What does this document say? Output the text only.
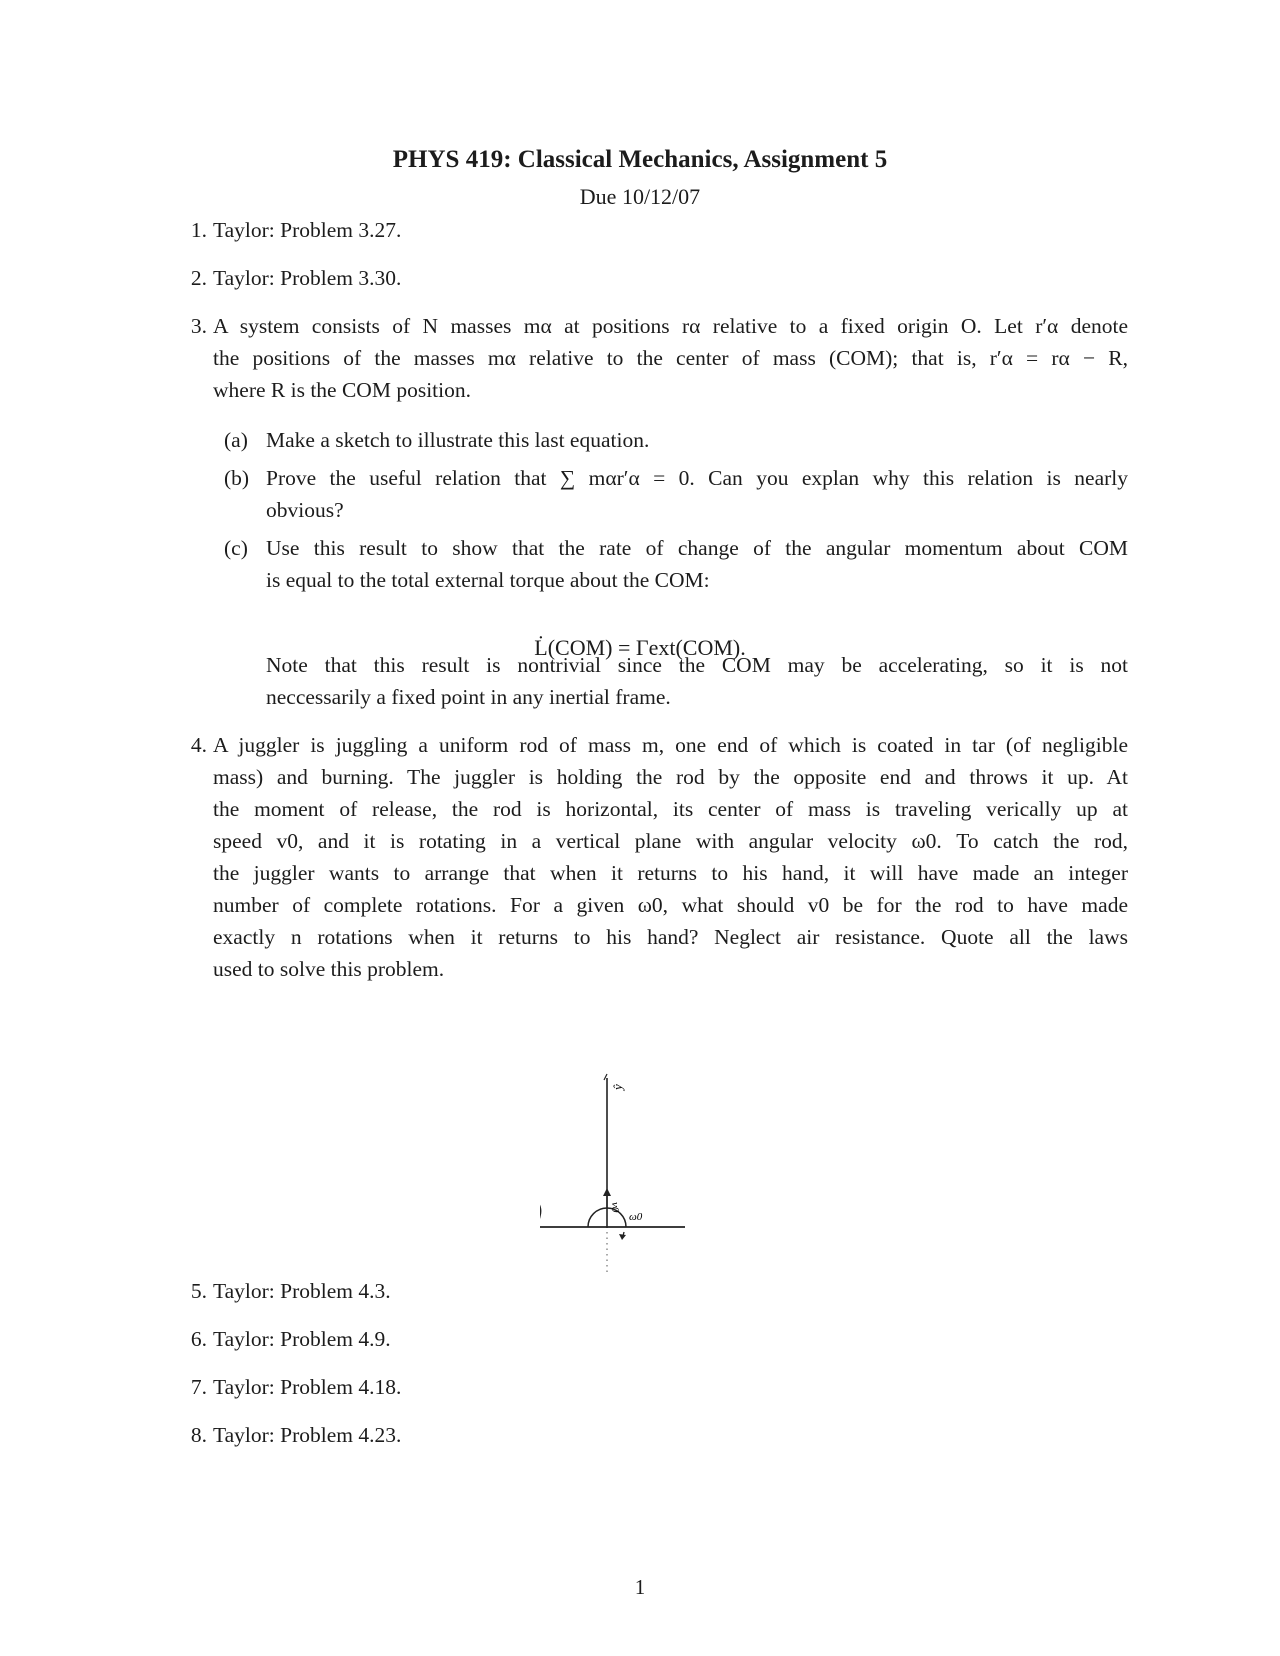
PHYS 419: Classical Mechanics, Assignment 5
Due 10/12/07
1. Taylor: Problem 3.27.
2. Taylor: Problem 3.30.
3. A system consists of N masses mα at positions rα relative to a fixed origin O. Let r′α denote
the positions of the masses mα relative to the center of mass (COM); that is, r′α = rα − R,
where R is the COM position.
(a) Make a sketch to illustrate this last equation.
(b) Prove the useful relation that ∑ mαr′α = 0. Can you explan why this relation is nearly
obvious?
(c) Use this result to show that the rate of change of the angular momentum about COM
is equal to the total external torque about the COM:
L̇(COM) = Γext(COM).
Note that this result is nontrivial since the COM may be accelerating, so it is not
neccessarily a fixed point in any inertial frame.
4. A juggler is juggling a uniform rod of mass m, one end of which is coated in tar (of negligible
mass) and burning. The juggler is holding the rod by the opposite end and throws it up. At
the moment of release, the rod is horizontal, its center of mass is traveling verically up at
speed v0, and it is rotating in a vertical plane with angular velocity ω0. To catch the rod,
the juggler wants to arrange that when it returns to his hand, it will have made an integer
number of complete rotations. For a given ω0, what should v0 be for the rod to have made
exactly n rotations when it returns to his hand? Neglect air resistance. Quote all the laws
used to solve this problem.
ŷ
v0
ω0
5. Taylor: Problem 4.3.
6. Taylor: Problem 4.9.
7. Taylor: Problem 4.18.
8. Taylor: Problem 4.23.
1
